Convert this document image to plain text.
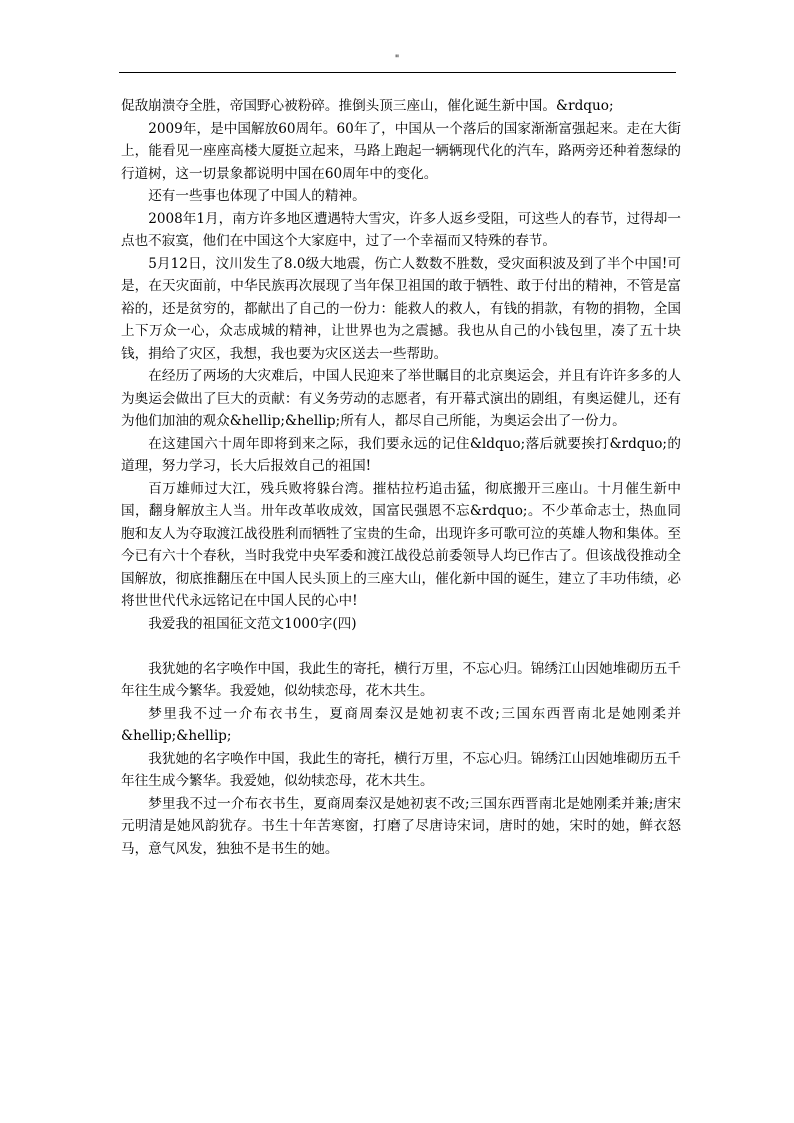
"

促敌崩溃夺全胜，帝国野心被粉碎。推倒头顶三座山，催化诞生新中国。&rdquo;

2009年，是中国解放60周年。60年了，中国从一个落后的国家渐渐富强起来。走在大街上，能看见一座座高楼大厦挺立起来，马路上跑起一辆辆现代化的汽车，路两旁还种着葱绿的行道树，这一切景象都说明中国在60周年中的变化。

还有一些事也体现了中国人的精神。

2008年1月，南方许多地区遭遇特大雪灾，许多人返乡受阻，可这些人的春节，过得却一点也不寂寞，他们在中国这个大家庭中，过了一个幸福而又特殊的春节。

5月12日，汶川发生了8.0级大地震，伤亡人数数不胜数，受灾面积波及到了半个中国!可是，在天灾面前，中华民族再次展现了当年保卫祖国的敢于牺牲、敢于付出的精神，不管是富裕的，还是贫穷的，都献出了自己的一份力：能救人的救人，有钱的捐款，有物的捐物，全国上下万众一心，众志成城的精神，让世界也为之震撼。我也从自己的小钱包里，凑了五十块钱，捐给了灾区，我想，我也要为灾区送去一些帮助。

在经历了两场的大灾难后，中国人民迎来了举世瞩目的北京奥运会，并且有许许多多的人为奥运会做出了巨大的贡献：有义务劳动的志愿者，有开幕式演出的剧组，有奥运健儿，还有为他们加油的观众&hellip;&hellip;所有人，都尽自己所能，为奥运会出了一份力。

在这建国六十周年即将到来之际，我们要永远的记住&ldquo;落后就要挨打&rdquo;的道理，努力学习，长大后报效自己的祖国!

百万雄师过大江，残兵败将躲台湾。摧枯拉朽追击猛，彻底搬开三座山。十月催生新中国，翻身解放主人当。卅年改革收成效，国富民强恩不忘&rdquo;。不少革命志士，热血同胞和友人为夺取渡江战役胜利而牺牲了宝贵的生命，出现许多可歌可泣的英雄人物和集体。至今已有六十个春秋，当时我党中央军委和渡江战役总前委领导人均已作古了。但该战役推动全国解放，彻底推翻压在中国人民头顶上的三座大山，催化新中国的诞生，建立了丰功伟绩，必将世世代代永远铭记在中国人民的心中!

我爱我的祖国征文范文1000字(四)

我犹她的名字唤作中国，我此生的寄托，横行万里，不忘心归。锦绣江山因她堆砌历五千年往生成今繁华。我爱她，似幼犊恋母，花木共生。

梦里我不过一介布衣书生，夏商周秦汉是她初衷不改;三国东西晋南北是她刚柔并&hellip;&hellip;

我犹她的名字唤作中国，我此生的寄托，横行万里，不忘心归。锦绣江山因她堆砌历五千年往生成今繁华。我爱她，似幼犊恋母，花木共生。

梦里我不过一介布衣书生，夏商周秦汉是她初衷不改;三国东西晋南北是她刚柔并兼;唐宋元明清是她风韵犹存。书生十年苦寒窗，打磨了尽唐诗宋词，唐时的她，宋时的她，鲜衣怒马，意气风发，独独不是书生的她。
